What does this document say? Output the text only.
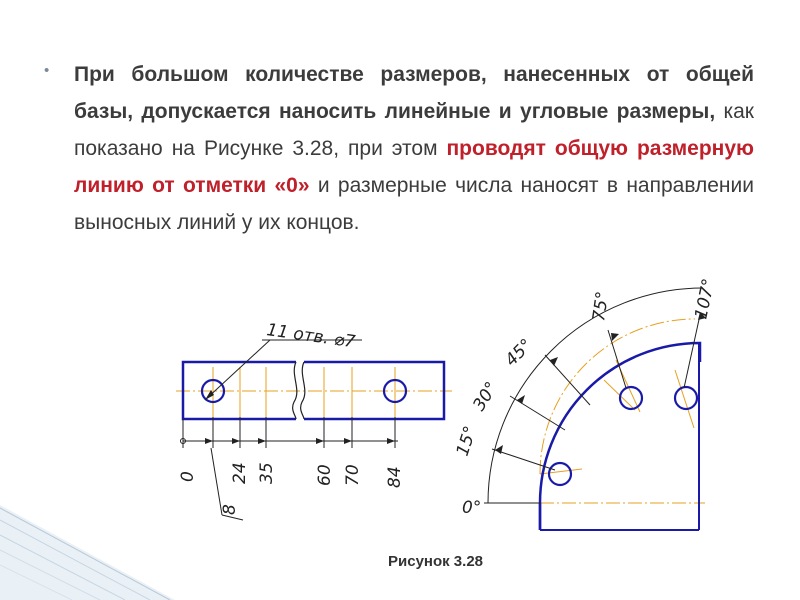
• При большом количестве размеров, нанесенных от общей базы, допускается наносить линейные и угловые размеры, как показано на Рисунке 3.28, при этом проводят общую размерную линию от отметки «0» и размерные числа наносят в направлении выносных линий у их концов.
11 отв. ⌀7
0
8
24 35 60 70 84
0°
15°
30°
45°
75°	107°
Рисунок 3.28
